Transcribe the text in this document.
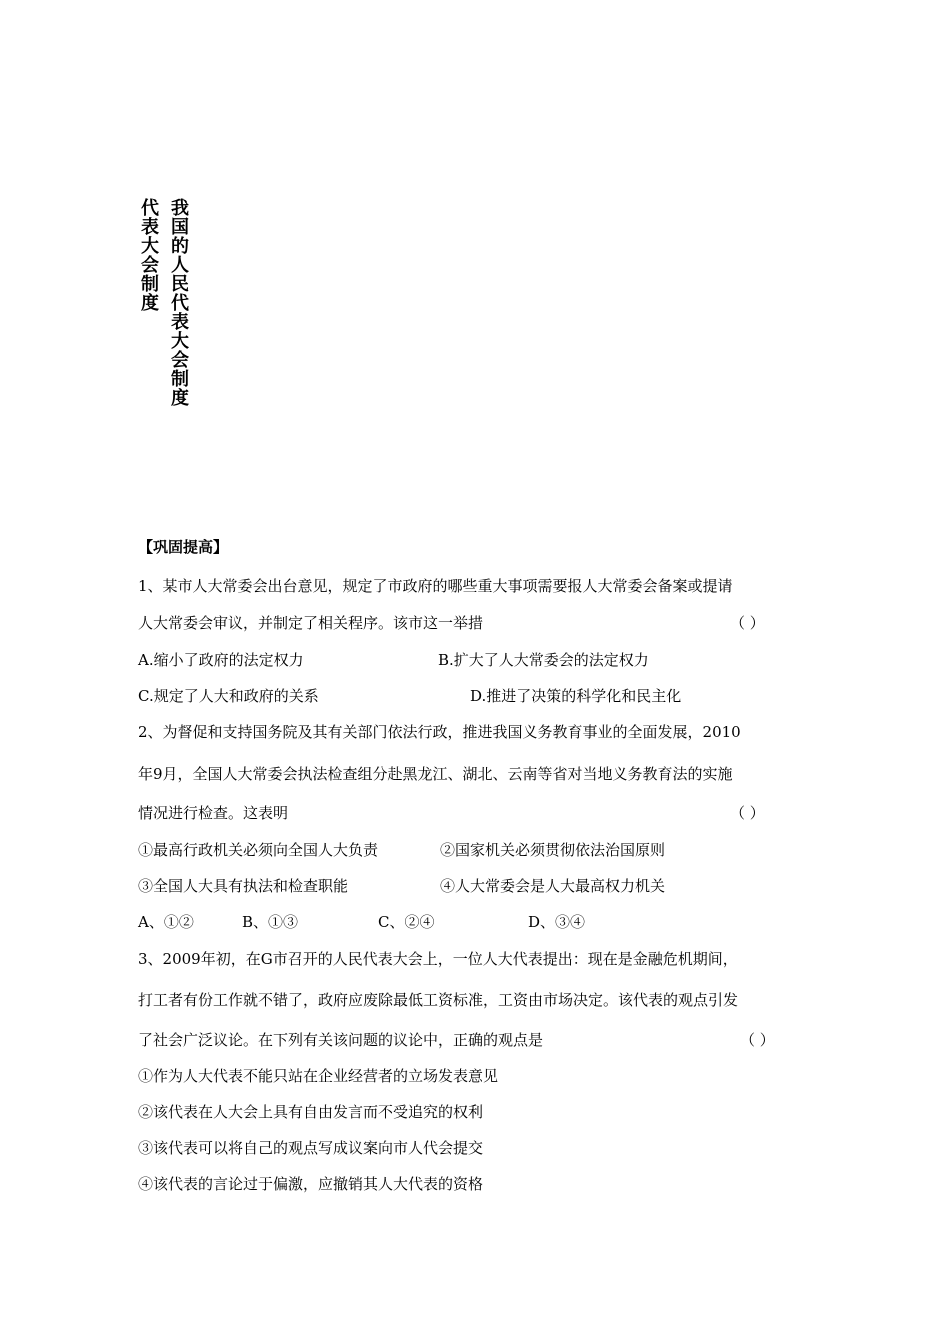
我国的人民代表大会制度
代表大会制度
【巩固提高】
1、某市人大常委会出台意见，规定了市政府的哪些重大事项需要报人大常委会备案或提请
人大常委会审议，并制定了相关程序。该市这一举措	（ ）
A.缩小了政府的法定权力	B.扩大了人大常委会的法定权力
C.规定了人大和政府的关系	D.推进了决策的科学化和民主化
2、为督促和支持国务院及其有关部门依法行政，推进我国义务教育事业的全面发展，2010
年9月，全国人大常委会执法检查组分赴黑龙江、湖北、云南等省对当地义务教育法的实施
情况进行检查。这表明	（ ）
①最高行政机关必须向全国人大负责	②国家机关必须贯彻依法治国原则
③全国人大具有执法和检查职能	④人大常委会是人大最高权力机关
A、①②	B、①③	C、②④	D、③④
3、2009年初，在G市召开的人民代表大会上，一位人大代表提出：现在是金融危机期间，
打工者有份工作就不错了，政府应废除最低工资标准，工资由市场决定。该代表的观点引发
了社会广泛议论。在下列有关该问题的议论中，正确的观点是	（ ）
①作为人大代表不能只站在企业经营者的立场发表意见
②该代表在人大会上具有自由发言而不受追究的权利
③该代表可以将自己的观点写成议案向市人代会提交
④该代表的言论过于偏激，应撤销其人大代表的资格
